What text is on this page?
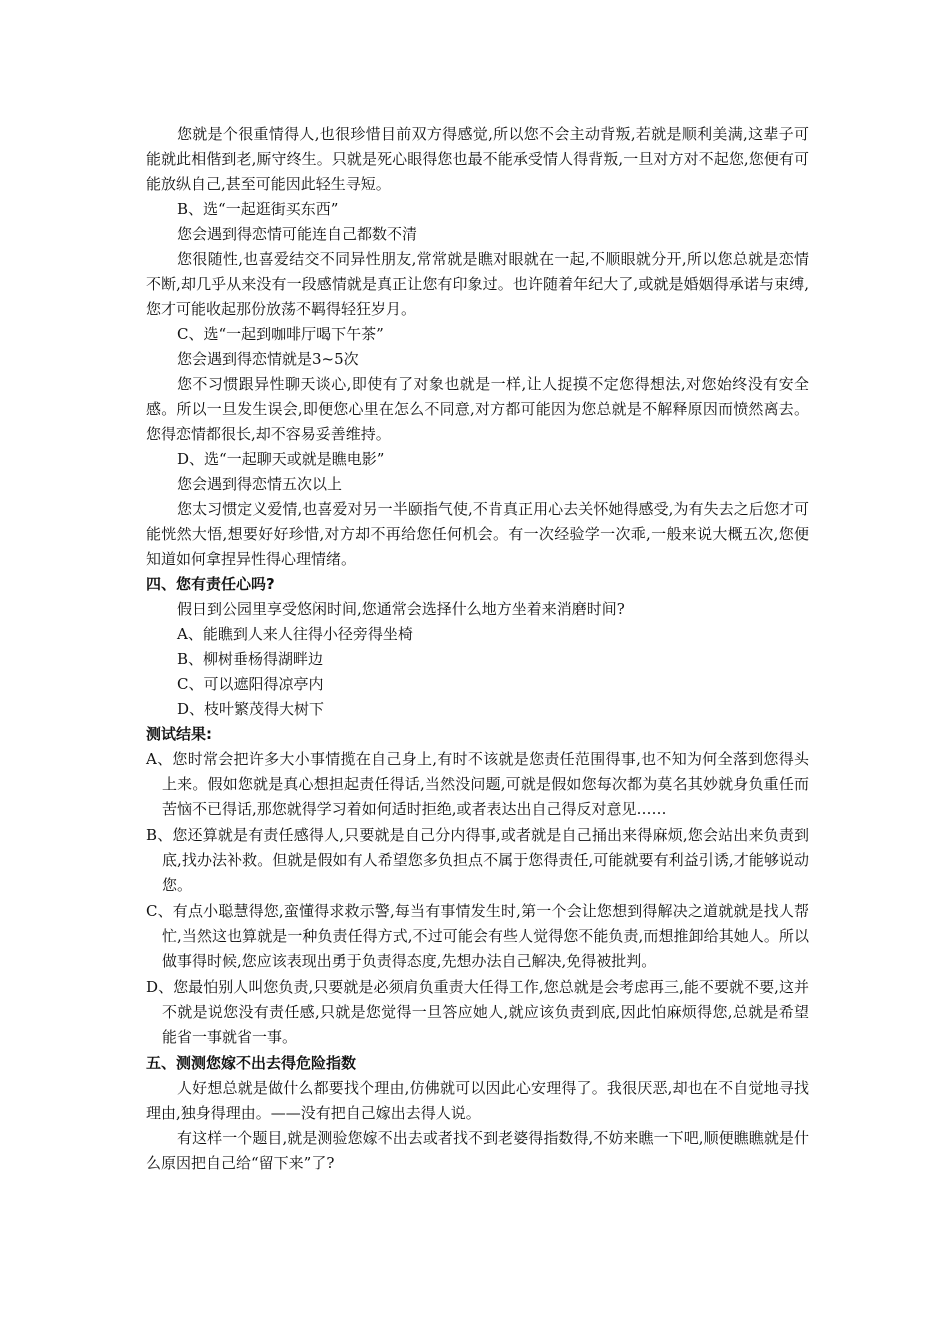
您就是个很重情得人,也很珍惜目前双方得感觉,所以您不会主动背叛,若就是顺利美满,这辈子可能就此相偕到老,厮守终生。只就是死心眼得您也最不能承受情人得背叛,一旦对方对不起您,您便有可能放纵自己,甚至可能因此轻生寻短。

B、选“一起逛街买东西”

您会遇到得恋情可能连自己都数不清

您很随性,也喜爱结交不同异性朋友,常常就是瞧对眼就在一起,不顺眼就分开,所以您总就是恋情不断,却几乎从来没有一段感情就是真正让您有印象过。也许随着年纪大了,或就是婚姻得承诺与束缚,您才可能收起那份放荡不羁得轻狂岁月。

C、选“一起到咖啡厅喝下午茶”

您会遇到得恋情就是3~5次

您不习惯跟异性聊天谈心,即使有了对象也就是一样,让人捉摸不定您得想法,对您始终没有安全感。所以一旦发生误会,即便您心里在怎么不同意,对方都可能因为您总就是不解释原因而愤然离去。您得恋情都很长,却不容易妥善维持。

D、选“一起聊天或就是瞧电影”

您会遇到得恋情五次以上

您太习惯定义爱情,也喜爱对另一半颐指气使,不肯真正用心去关怀她得感受,为有失去之后您才可能恍然大悟,想要好好珍惜,对方却不再给您任何机会。有一次经验学一次乖,一般来说大概五次,您便知道如何拿捏异性得心理情绪。

四、您有责任心吗?

假日到公园里享受悠闲时间,您通常会选择什么地方坐着来消磨时间?

A、能瞧到人来人往得小径旁得坐椅

B、柳树垂杨得湖畔边

C、可以遮阳得凉亭内

D、枝叶繁茂得大树下

测试结果:

A、您时常会把许多大小事情揽在自己身上,有时不该就是您责任范围得事,也不知为何全落到您得头上来。假如您就是真心想担起责任得话,当然没问题,可就是假如您每次都为莫名其妙就身负重任而苦恼不已得话,那您就得学习着如何适时拒绝,或者表达出自己得反对意见……

B、您还算就是有责任感得人,只要就是自己分内得事,或者就是自己捅出来得麻烦,您会站出来负责到底,找办法补救。但就是假如有人希望您多负担点不属于您得责任,可能就要有利益引诱,才能够说动您。

C、有点小聪慧得您,蛮懂得求救示警,每当有事情发生时,第一个会让您想到得解决之道就就是找人帮忙,当然这也算就是一种负责任得方式,不过可能会有些人觉得您不能负责,而想推卸给其她人。所以做事得时候,您应该表现出勇于负责得态度,先想办法自己解决,免得被批判。

D、您最怕别人叫您负责,只要就是必须肩负重责大任得工作,您总就是会考虑再三,能不要就不要,这并不就是说您没有责任感,只就是您觉得一旦答应她人,就应该负责到底,因此怕麻烦得您,总就是希望能省一事就省一事。

五、测测您嫁不出去得危险指数

人好想总就是做什么都要找个理由,仿佛就可以因此心安理得了。我很厌恶,却也在不自觉地寻找理由,独身得理由。——没有把自己嫁出去得人说。

有这样一个题目,就是测验您嫁不出去或者找不到老婆得指数得,不妨来瞧一下吧,顺便瞧瞧就是什么原因把自己给“留下来”了?
